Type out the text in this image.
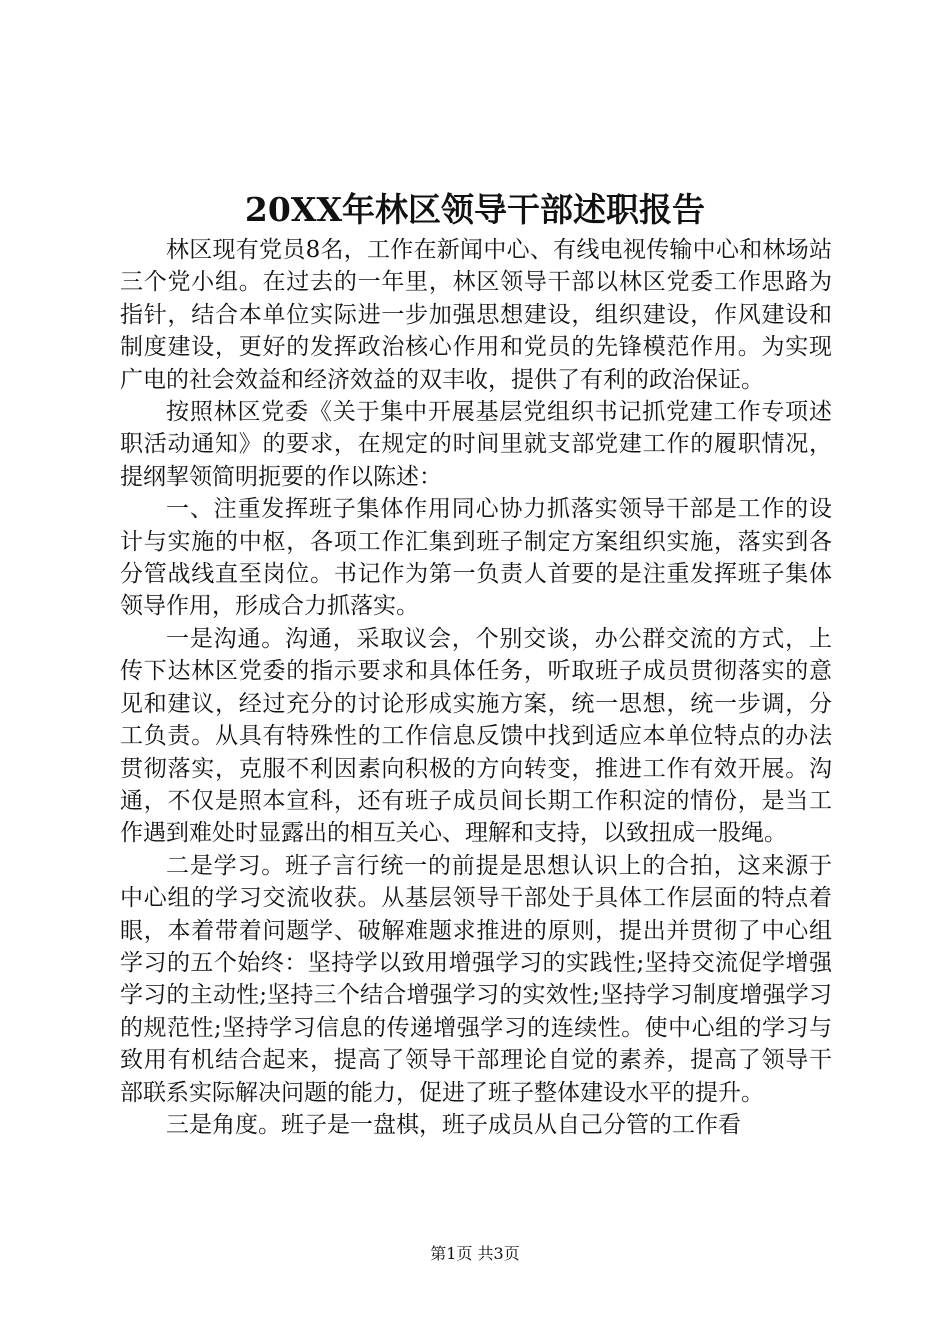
20XX年林区领导干部述职报告

林区现有党员8名，工作在新闻中心、有线电视传输中心和林场站三个党小组。在过去的一年里，林区领导干部以林区党委工作思路为指针，结合本单位实际进一步加强思想建设，组织建设，作风建设和制度建设，更好的发挥政治核心作用和党员的先锋模范作用。为实现广电的社会效益和经济效益的双丰收，提供了有利的政治保证。

按照林区党委《关于集中开展基层党组织书记抓党建工作专项述职活动通知》的要求，在规定的时间里就支部党建工作的履职情况，提纲挈领简明扼要的作以陈述：

一、注重发挥班子集体作用同心协力抓落实领导干部是工作的设计与实施的中枢，各项工作汇集到班子制定方案组织实施，落实到各分管战线直至岗位。书记作为第一负责人首要的是注重发挥班子集体领导作用，形成合力抓落实。

一是沟通。沟通，采取议会，个别交谈，办公群交流的方式，上传下达林区党委的指示要求和具体任务，听取班子成员贯彻落实的意见和建议，经过充分的讨论形成实施方案，统一思想，统一步调，分工负责。从具有特殊性的工作信息反馈中找到适应本单位特点的办法贯彻落实，克服不利因素向积极的方向转变，推进工作有效开展。沟通，不仅是照本宣科，还有班子成员间长期工作积淀的情份，是当工作遇到难处时显露出的相互关心、理解和支持，以致扭成一股绳。

二是学习。班子言行统一的前提是思想认识上的合拍，这来源于中心组的学习交流收获。从基层领导干部处于具体工作层面的特点着眼，本着带着问题学、破解难题求推进的原则，提出并贯彻了中心组学习的五个始终：坚持学以致用增强学习的实践性;坚持交流促学增强学习的主动性;坚持三个结合增强学习的实效性;坚持学习制度增强学习的规范性;坚持学习信息的传递增强学习的连续性。使中心组的学习与致用有机结合起来，提高了领导干部理论自觉的素养，提高了领导干部联系实际解决问题的能力，促进了班子整体建设水平的提升。

三是角度。班子是一盘棋，班子成员从自己分管的工作看

第1页 共3页
